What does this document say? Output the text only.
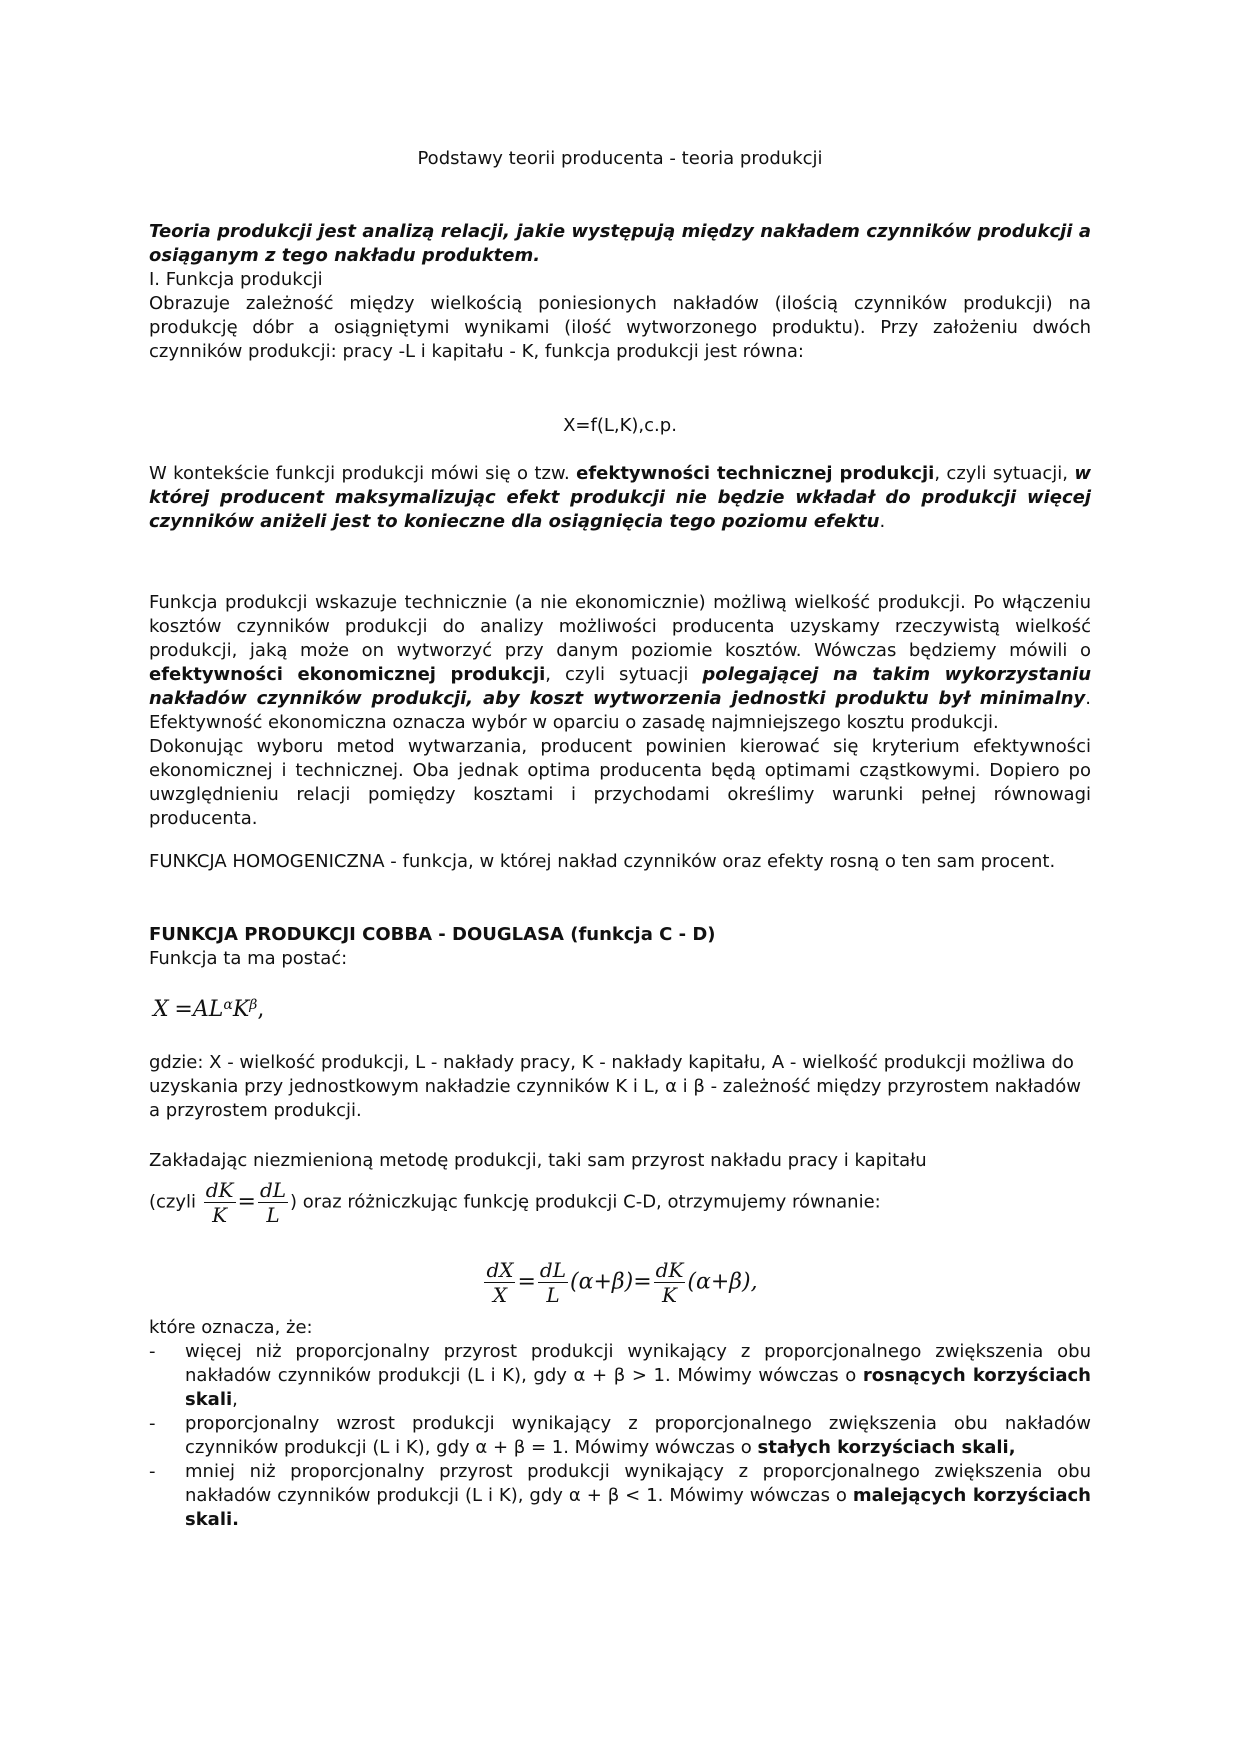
Podstawy teorii producenta - teoria produkcji

Teoria produkcji jest analizą relacji, jakie występują między nakładem czynników produkcji a osiąganym z tego nakładu produktem.

I. Funkcja produkcji

Obrazuje zależność między wielkością poniesionych nakładów (ilością czynników produkcji) na produkcję dóbr a osiągniętymi wynikami (ilość wytworzonego produktu). Przy założeniu dwóch czynników produkcji: pracy -L i kapitału - K, funkcja produkcji jest równa:

X=f(L,K),c.p.
W kontekście funkcji produkcji mówi się o tzw. efektywności technicznej produkcji, czyli sytuacji, w której producent maksymalizując efekt produkcji nie będzie wkładał do produkcji więcej czynników aniżeli jest to konieczne dla osiągnięcia tego poziomu efektu.

Funkcja produkcji wskazuje technicznie (a nie ekonomicznie) możliwą wielkość produkcji. Po włączeniu kosztów czynników produkcji do analizy możliwości producenta uzyskamy rzeczywistą wielkość produkcji, jaką może on wytworzyć przy danym poziomie kosztów. Wówczas będziemy mówili o efektywności ekonomicznej produkcji, czyli sytuacji polegającej na takim wykorzystaniu nakładów czynników produkcji, aby koszt wytworzenia jednostki produktu był minimalny. Efektywność ekonomiczna oznacza wybór w oparciu o zasadę najmniejszego kosztu produkcji.

Dokonując wyboru metod wytwarzania, producent powinien kierować się kryterium efektywności ekonomicznej i technicznej. Oba jednak optima producenta będą optimami cząstkowymi. Dopiero po uwzględnieniu relacji pomiędzy kosztami i przychodami określimy warunki pełnej równowagi producenta.

FUNKCJA HOMOGENICZNA - funkcja, w której nakład czynników oraz efekty rosną o ten sam procent.

FUNKCJA PRODUKCJI COBBA - DOUGLASA (funkcja C - D)

Funkcja ta ma postać:

$X =AL^\alpha K^\beta$,
gdzie: X - wielkość produkcji, L - nakłady pracy, K - nakłady kapitału, A - wielkość produkcji możliwa do uzyskania przy jednostkowym nakładzie czynników K i L, α i β - zależność między przyrostem nakładów a przyrostem produkcji.
Zakładając niezmienioną metodę produkcji, taki sam przyrost nakładu pracy i kapitału
(czyli $\frac{dK}{K} = \frac{dL}{L}$ ) oraz różniczkując funkcję produkcji C-D, otrzymujemy równanie:
$\frac{dX}{X} = \frac{dL}{L} (\alpha+\beta)= \frac{dK}{K} (\alpha+\beta)$,

które oznacza, że:

- więcej niż proporcjonalny przyrost produkcji wynikający z proporcjonalnego zwiększenia obu nakładów czynników produkcji (L i K), gdy α + β > 1. Mówimy wówczas o rosnących korzyściach skali,
- proporcjonalny wzrost produkcji wynikający z proporcjonalnego zwiększenia obu nakładów czynników produkcji (L i K), gdy α + β = 1. Mówimy wówczas o stałych korzyściach skali,
- mniej niż proporcjonalny przyrost produkcji wynikający z proporcjonalnego zwiększenia obu nakładów czynników produkcji (L i K), gdy α + β < 1. Mówimy wówczas o malejących korzyściach skali.
